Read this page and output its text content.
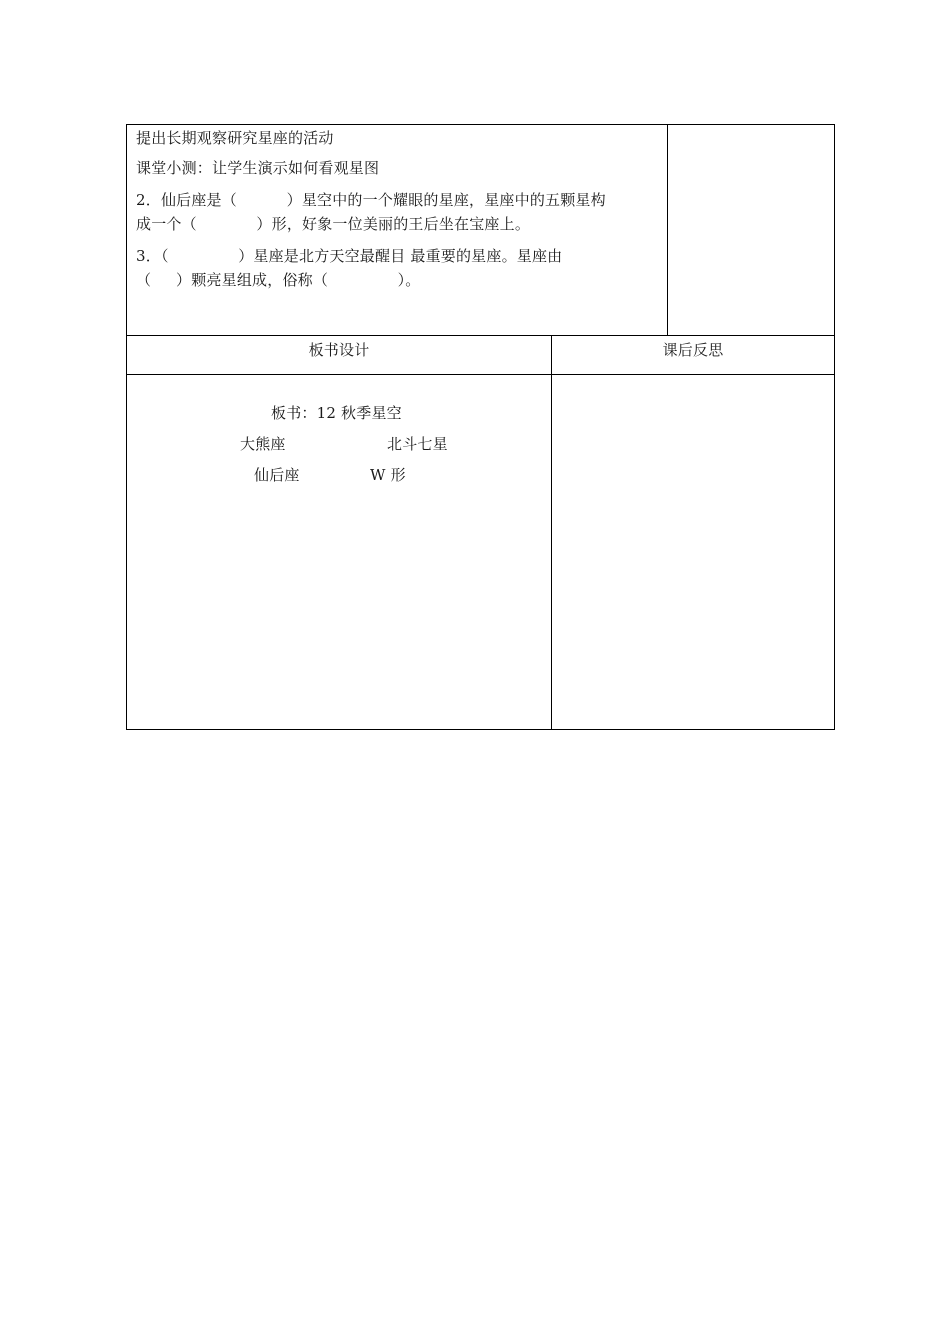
提出长期观察研究星座的活动
课堂小测：让学生演示如何看观星图
2．仙后座是（          ）星空中的一个耀眼的星座，星座中的五颗星构
成一个（            ）形，好象一位美丽的王后坐在宝座上。
3．（              ）星座是北方天空最醒目 最重要的星座。星座由
（     ）颗亮星组成，俗称（              ）。
板书设计	课后反思
板书：12 秋季星空
大熊座	北斗七星
仙后座	W 形
